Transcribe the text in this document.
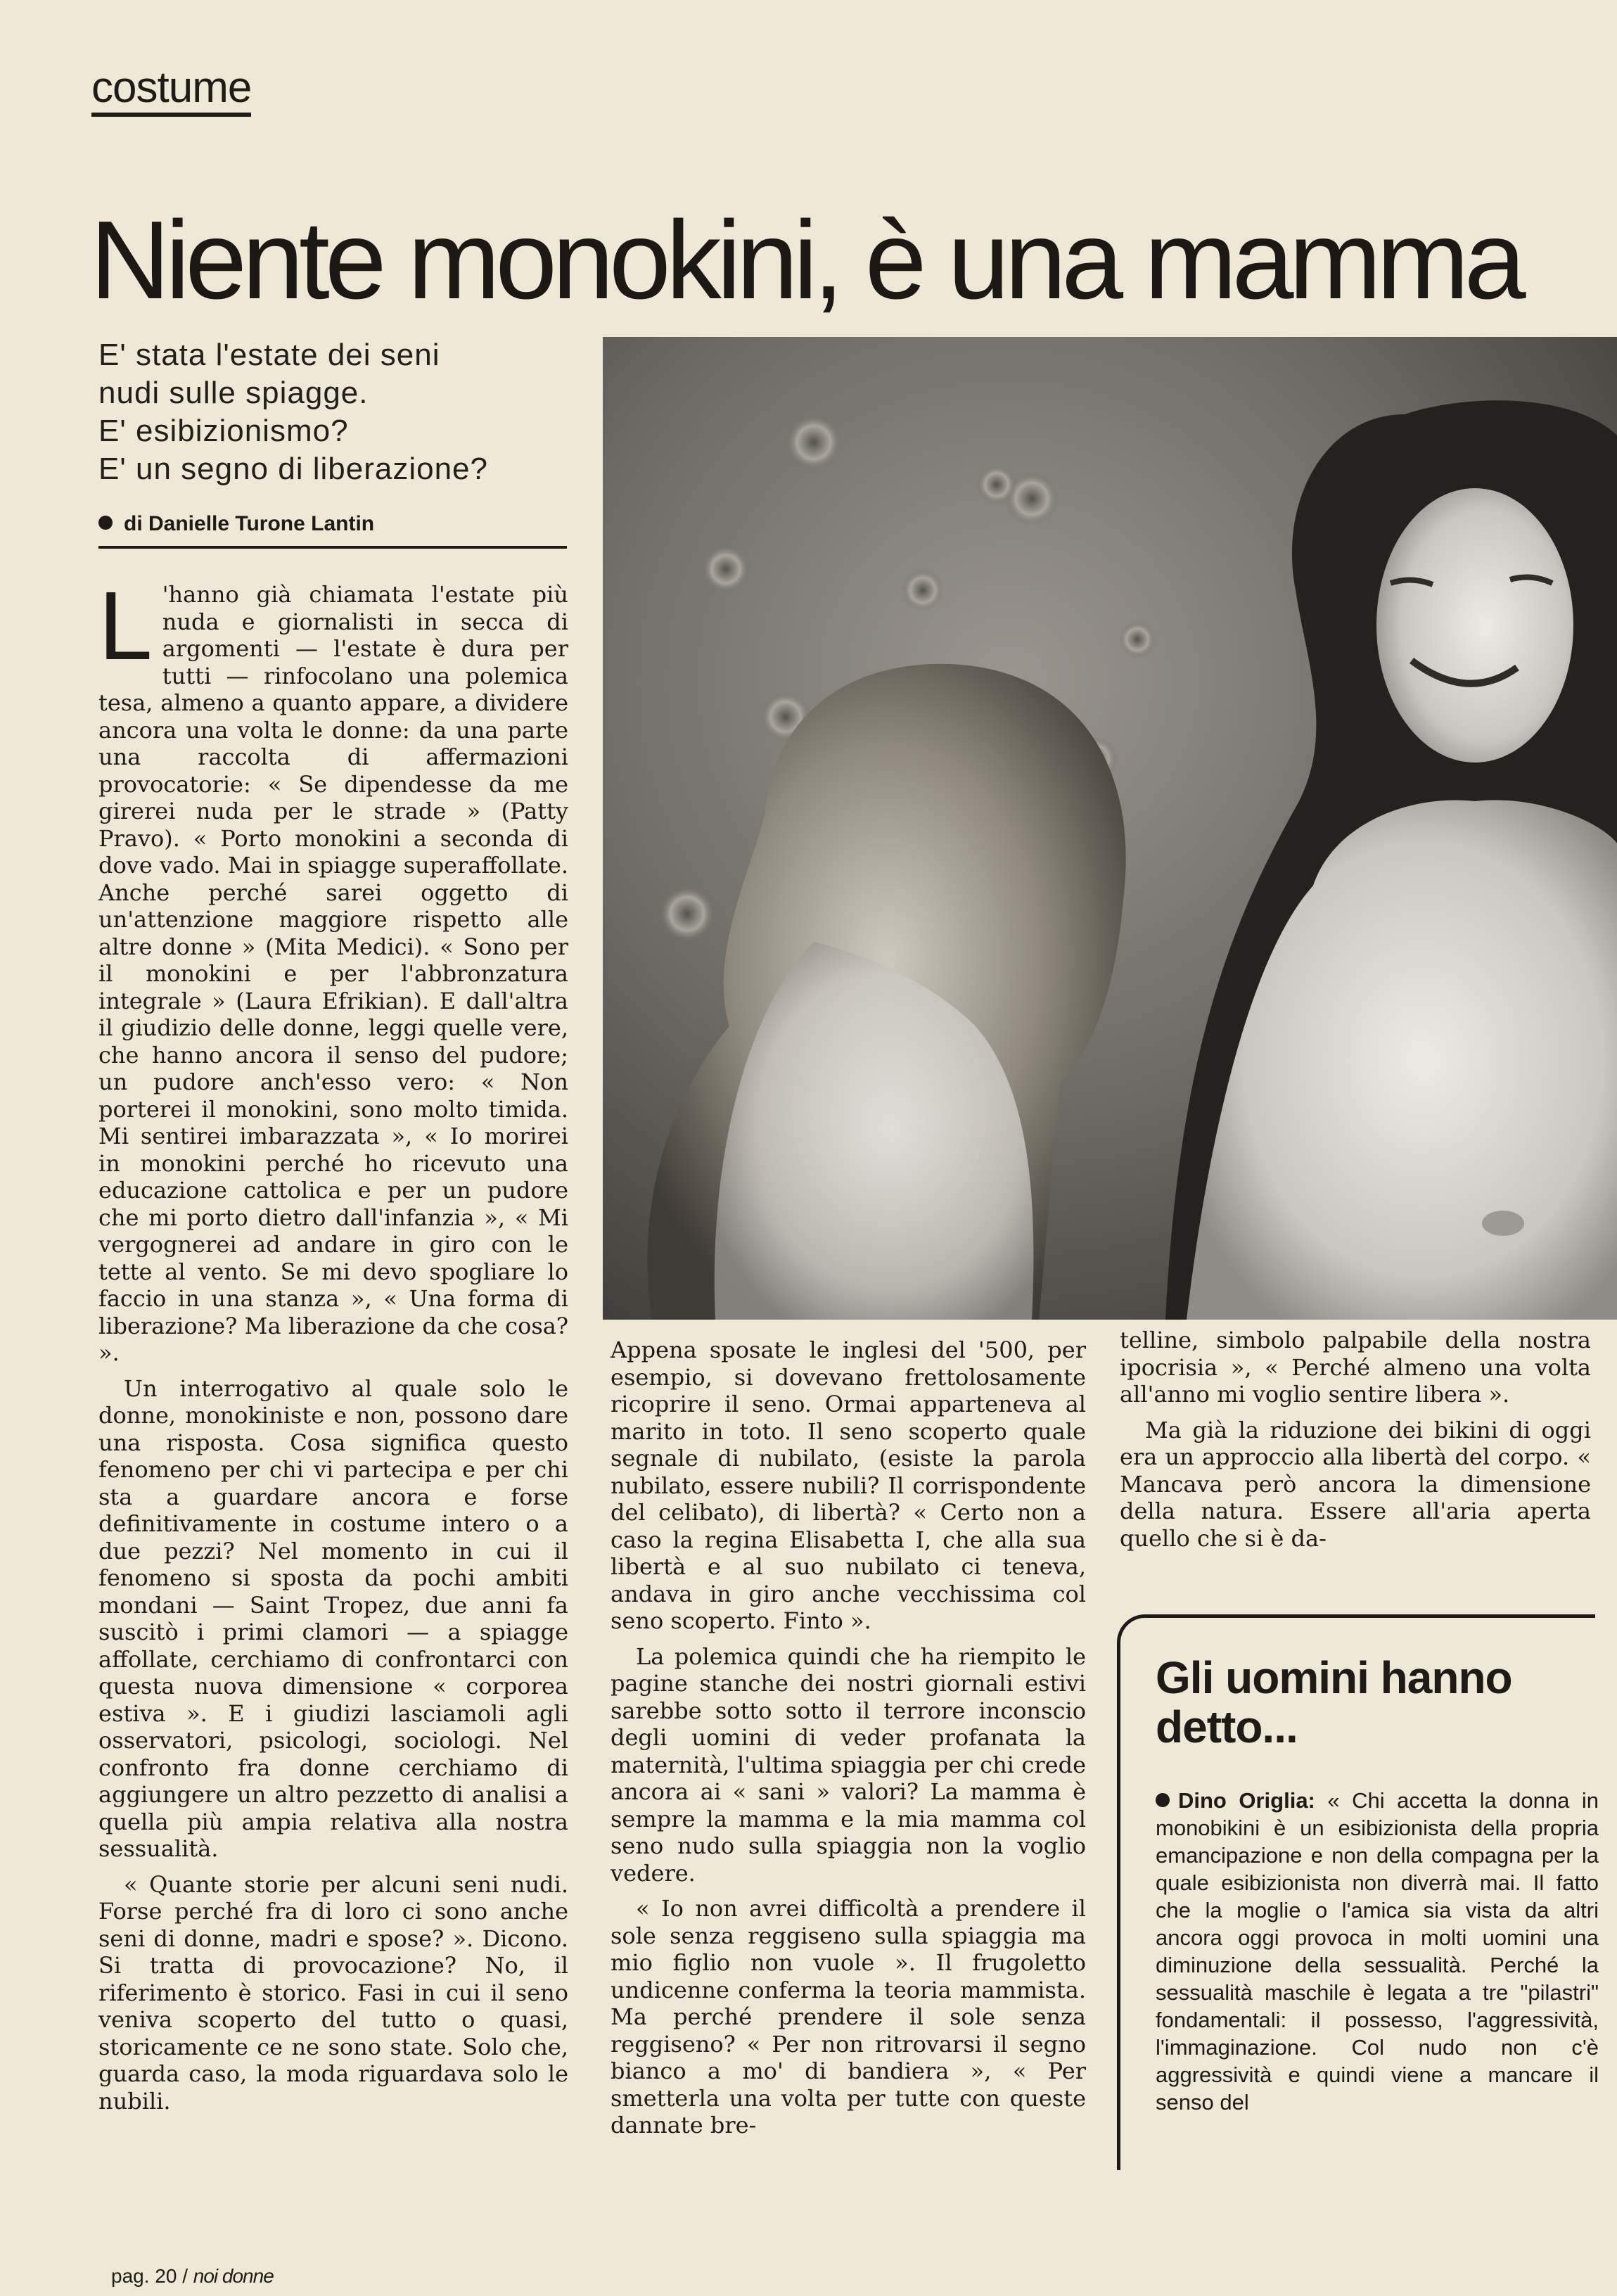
costume
Niente monokini, è una mamma
E' stata l'estate dei seni
nudi sulle spiagge.
E' esibizionismo?
E' un segno di liberazione?
di Danielle Turone Lantin

L 'hanno già chiamata l'estate più nuda e giornalisti in secca di argomenti — l'estate è dura per tutti — rinfocolano una polemica tesa, almeno a quanto appare, a dividere ancora una volta le donne: da una parte una raccolta di affermazioni provocatorie: « Se dipendesse da me girerei nuda per le strade » (Patty Pravo). « Porto monokini a seconda di dove vado. Mai in spiagge superaffollate. Anche perché sarei oggetto di un'attenzione maggiore rispetto alle altre donne » (Mita Medici). « Sono per il monokini e per l'abbronzatura integrale » (Laura Efrikian). E dall'altra il giudizio delle donne, leggi quelle vere, che hanno ancora il senso del pudore; un pudore anch'esso vero: « Non porterei il monokini, sono molto timida. Mi sentirei imbarazzata », « Io morirei in monokini perché ho ricevuto una educazione cattolica e per un pudore che mi porto dietro dall'infanzia », « Mi vergognerei ad andare in giro con le tette al vento. Se mi devo spogliare lo faccio in una stanza », « Una forma di liberazione? Ma liberazione da che cosa? ».

Un interrogativo al quale solo le donne, monokiniste e non, possono dare una risposta. Cosa significa questo fenomeno per chi vi partecipa e per chi sta a guardare ancora e forse definitivamente in costume intero o a due pezzi? Nel momento in cui il fenomeno si sposta da pochi ambiti mondani — Saint Tropez, due anni fa suscitò i primi clamori — a spiagge affollate, cerchiamo di confrontarci con questa nuova dimensione « corporea estiva ». E i giudizi lasciamoli agli osservatori, psicologi, sociologi. Nel confronto fra donne cerchiamo di aggiungere un altro pezzetto di analisi a quella più ampia relativa alla nostra sessualità.

« Quante storie per alcuni seni nudi. Forse perché fra di loro ci sono anche seni di donne, madri e spose? ». Dicono. Si tratta di provocazione? No, il riferimento è storico. Fasi in cui il seno veniva scoperto del tutto o quasi, storicamente ce ne sono state. Solo che, guarda caso, la moda riguardava solo le nubili.

Appena sposate le inglesi del '500, per esempio, si dovevano frettolosamente ricoprire il seno. Ormai apparteneva al marito in toto. Il seno scoperto quale segnale di nubilato, (esiste la parola nubilato, essere nubili? Il corrispondente del celibato), di libertà? « Certo non a caso la regina Elisabetta I, che alla sua libertà e al suo nubilato ci teneva, andava in giro anche vecchissima col seno scoperto. Finto ».

La polemica quindi che ha riempito le pagine stanche dei nostri giornali estivi sarebbe sotto sotto il terrore inconscio degli uomini di veder profanata la maternità, l'ultima spiaggia per chi crede ancora ai « sani » valori? La mamma è sempre la mamma e la mia mamma col seno nudo sulla spiaggia non la voglio vedere.

« Io non avrei difficoltà a prendere il sole senza reggiseno sulla spiaggia ma mio figlio non vuole ». Il frugoletto undicenne conferma la teoria mammista. Ma perché prendere il sole senza reggiseno? « Per non ritrovarsi il segno bianco a mo' di bandiera », « Per smetterla una volta per tutte con queste dannate bre-

telline, simbolo palpabile della nostra ipocrisia », « Perché almeno una volta all'anno mi voglio sentire libera ».

Ma già la riduzione dei bikini di oggi era un approccio alla libertà del corpo. « Mancava però ancora la dimensione della natura. Essere all'aria aperta quello che si è da-

Gli uomini hanno detto...
Dino Origlia: « Chi accetta la donna in monobikini è un esibizionista della propria emancipazione e non della compagna per la quale esibizionista non diverrà mai. Il fatto che la moglie o l'amica sia vista da altri ancora oggi provoca in molti uomini una diminuzione della sessualità. Perché la sessualità maschile è legata a tre "pilastri" fondamentali: il possesso, l'aggressività, l'immaginazione. Col nudo non c'è aggressività e quindi viene a mancare il senso del
pag. 20 / noi donne
